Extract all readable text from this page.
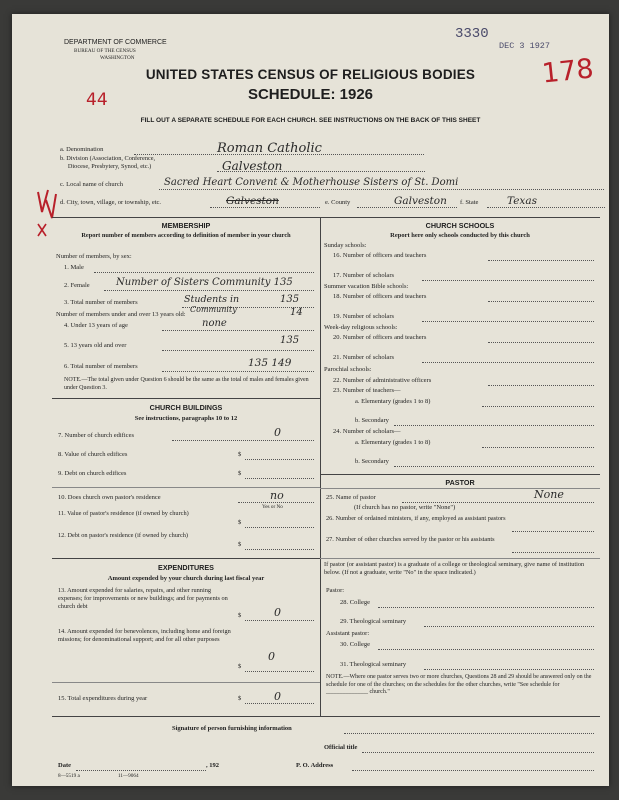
DEPARTMENT OF COMMERCE
BUREAU OF THE CENSUS
WASHINGTON
3330
DEC 3 1927
178
44
UNITED STATES CENSUS OF RELIGIOUS BODIES
SCHEDULE: 1926
FILL OUT A SEPARATE SCHEDULE FOR EACH CHURCH. SEE INSTRUCTIONS ON THE BACK OF THIS SHEET
a. Denomination	Roman Catholic
b. Division (Association, Conference,
Diocese, Presbytery, Synod, etc.)	Galveston
c. Local name of church	Sacred Heart Convent & Motherhouse Sisters of St. Domi
d. City, town, village, or township, etc.	Galveston	e. County	Galveston f. State	Texas
MEMBERSHIP
Report number of members according to definition of member in your church
Number of members, by sex:
1. Male
2. Female	Number of Sisters Community 135
3. Total number of members	Students in	135
Number of members under and over 13 years old:
Community	14
4. Under 13 years of age	none
5. 13 years old and over	135
6. Total number of members	135 149
NOTE.—The total given under Question 6 should be the same as the total of males and females given under Question 3.
CHURCH BUILDINGS
See instructions, paragraphs 10 to 12
7. Number of church edifices	0
8. Value of church edifices	$
9. Debt on church edifices	$
10. Does church own pastor's residence	no
Yes or No
11. Value of pastor's residence (if owned by church)
$
12. Debt on pastor's residence (if owned by church)
$
EXPENDITURES
Amount expended by your church during last fiscal year
13. Amount expended for salaries, repairs, and other running expenses; for improvements or new buildings; and for payments on church debt
$	0
14. Amount expended for benevolences, including home and foreign missions; for denominational support; and for all other purposes
$
0
15. Total expenditures during year	$	0
CHURCH SCHOOLS
Report here only schools conducted by this church
Sunday schools:
16. Number of officers and teachers
17. Number of scholars
Summer vacation Bible schools:
18. Number of officers and teachers
19. Number of scholars
Week-day religious schools:
20. Number of officers and teachers
21. Number of scholars
Parochial schools:
22. Number of administrative officers
23. Number of teachers—
a. Elementary (grades 1 to 8)
b. Secondary
24. Number of scholars—
a. Elementary (grades 1 to 8)
b. Secondary
PASTOR
25. Name of pastor	None
(If church has no pastor, write "None")
26. Number of ordained ministers, if any, employed as assistant pastors
27. Number of other churches served by the pastor or his assistants
If pastor (or assistant pastor) is a graduate of a college or theological seminary, give name of institution below. (If not a graduate, write "No" in the space indicated.)
Pastor:
28. College
29. Theological seminary
Assistant pastor:
30. College
31. Theological seminary
NOTE.—Where one pastor serves two or more churches, Questions 28 and 29 should be answered only on the schedule for one of the churches; on the schedules for the other churches, write "See schedule for ______________ church."
Signature of person furnishing information
Official title
Date	, 192	P. O. Address
8—5519 a	11—9064
